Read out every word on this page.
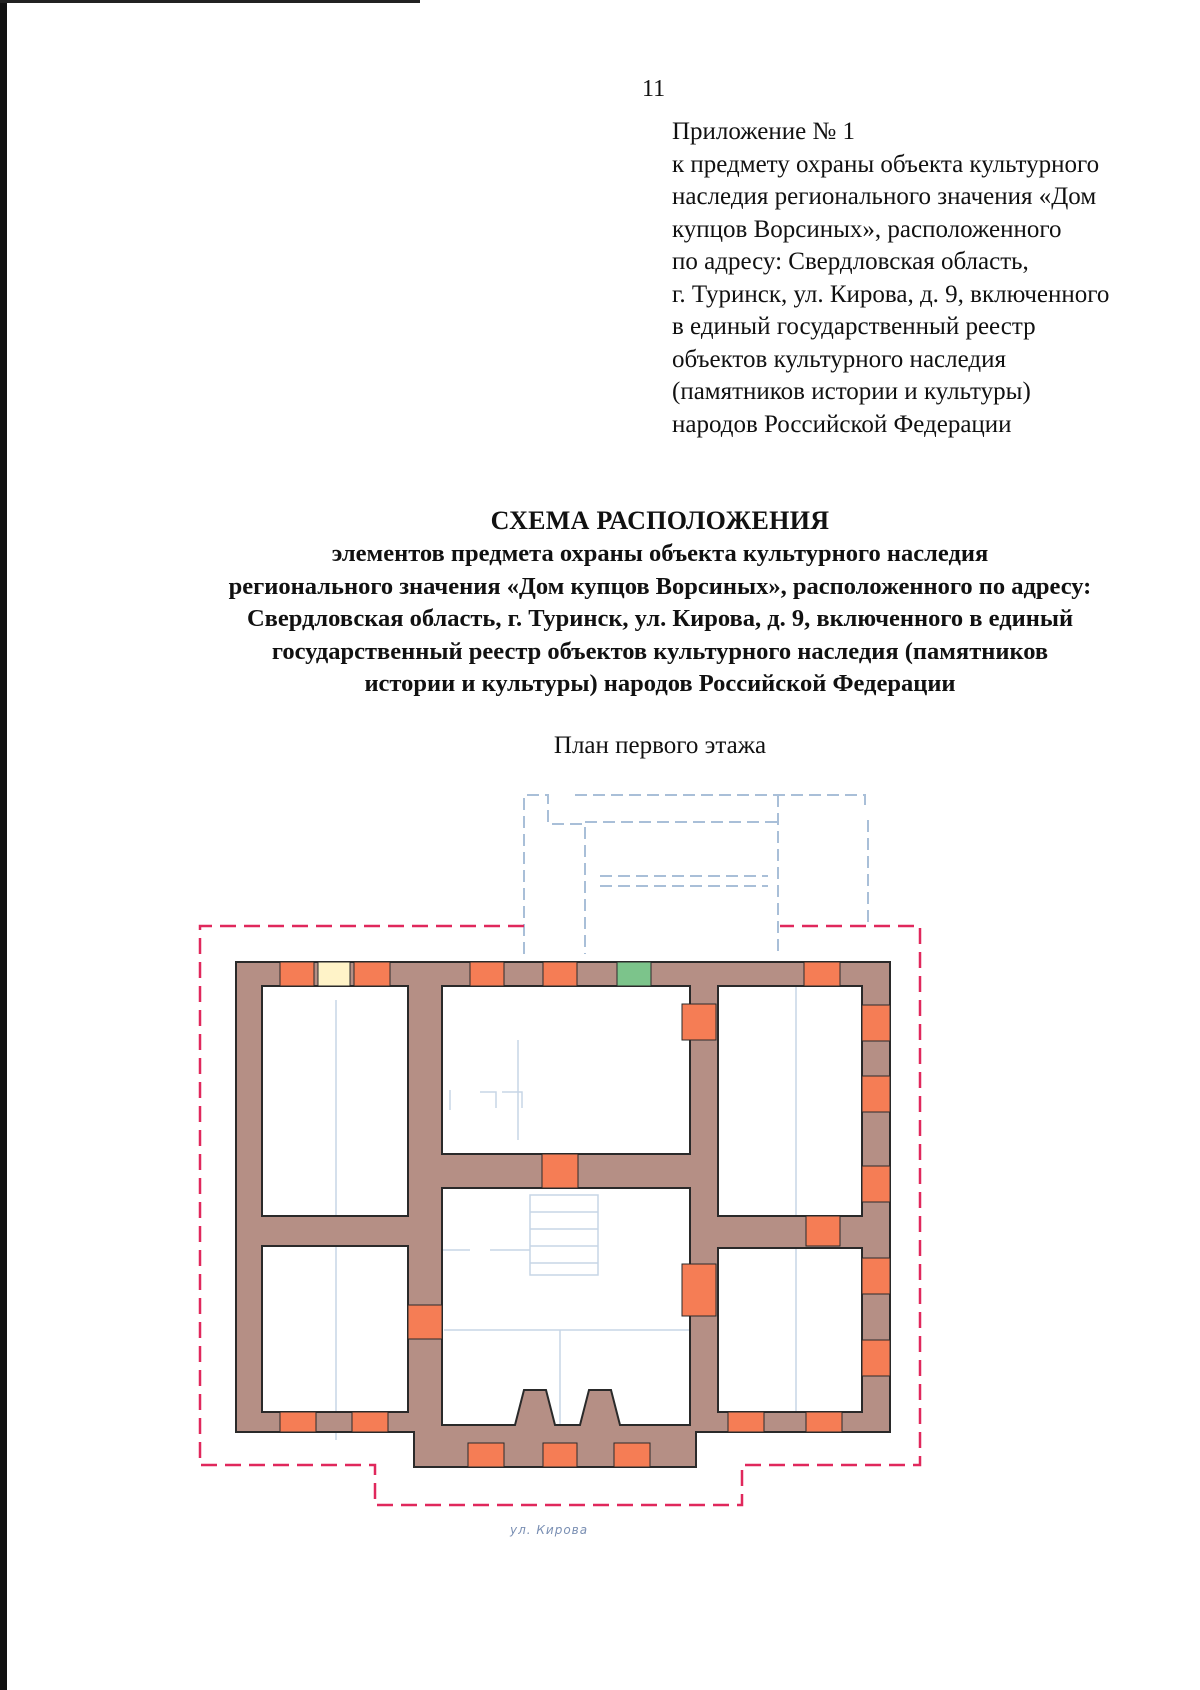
11
Приложение № 1
к предмету охраны объекта культурного
наследия регионального значения «Дом
купцов Ворсиных», расположенного
по адресу: Свердловская область,
г. Туринск, ул. Кирова, д. 9, включенного
в единый государственный реестр
объектов культурного наследия
(памятников истории и культуры)
народов Российской Федерации
СХЕМА РАСПОЛОЖЕНИЯ
элементов предмета охраны объекта культурного наследия
регионального значения «Дом купцов Ворсиных», расположенного по адресу:
Свердловская область, г. Туринск, ул. Кирова, д. 9, включенного в единый
государственный реестр объектов культурного наследия (памятников
истории и культуры) народов Российской Федерации
План первого этажа
ул. Кирова
